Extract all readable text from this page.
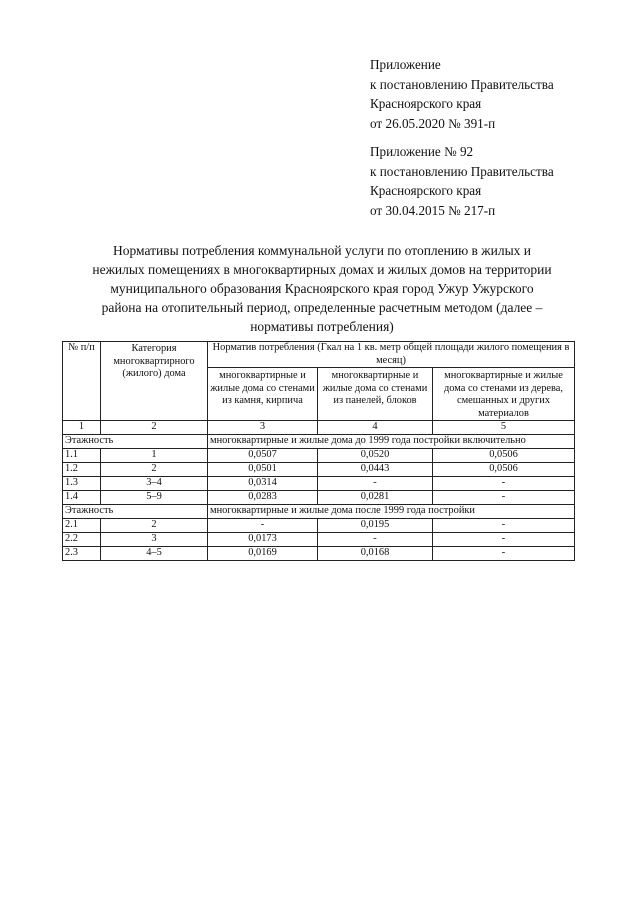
Приложение
к постановлению Правительства
Красноярского края
от 26.05.2020 № 391-п
Приложение № 92
к постановлению Правительства
Красноярского края
от 30.04.2015 № 217-п
Нормативы потребления коммунальной услуги по отоплению в жилых и
нежилых помещениях в многоквартирных домах и жилых домов на территории
муниципального образования Красноярского края город Ужур Ужурского
района на отопительный период, определенные расчетным методом (далее –
нормативы потребления)
№ п/п	Категория многоквартирного (жилого) дома	Норматив потребления (Гкал на 1 кв. метр общей площади жилого помещения в месяц)		
		многоквартирные и жилые дома со стенами из камня, кирпича	многоквартирные и жилые дома со стенами из панелей, блоков	многоквартирные и жилые дома со стенами из дерева, смешанных и других материалов
1	2	3	4	5
Этажность		многоквартирные и жилые дома до 1999 года постройки включительно		
1.1	1	0,0507	0,0520	0,0506
1.2	2	0,0501	0,0443	0,0506
1.3	3–4	0,0314	-	-
1.4	5–9	0,0283	0,0281	-
Этажность		многоквартирные и жилые дома после 1999 года постройки		
2.1	2	-	0,0195	-
2.2	3	0,0173	-	-
2.3	4–5	0,0169	0,0168	-
